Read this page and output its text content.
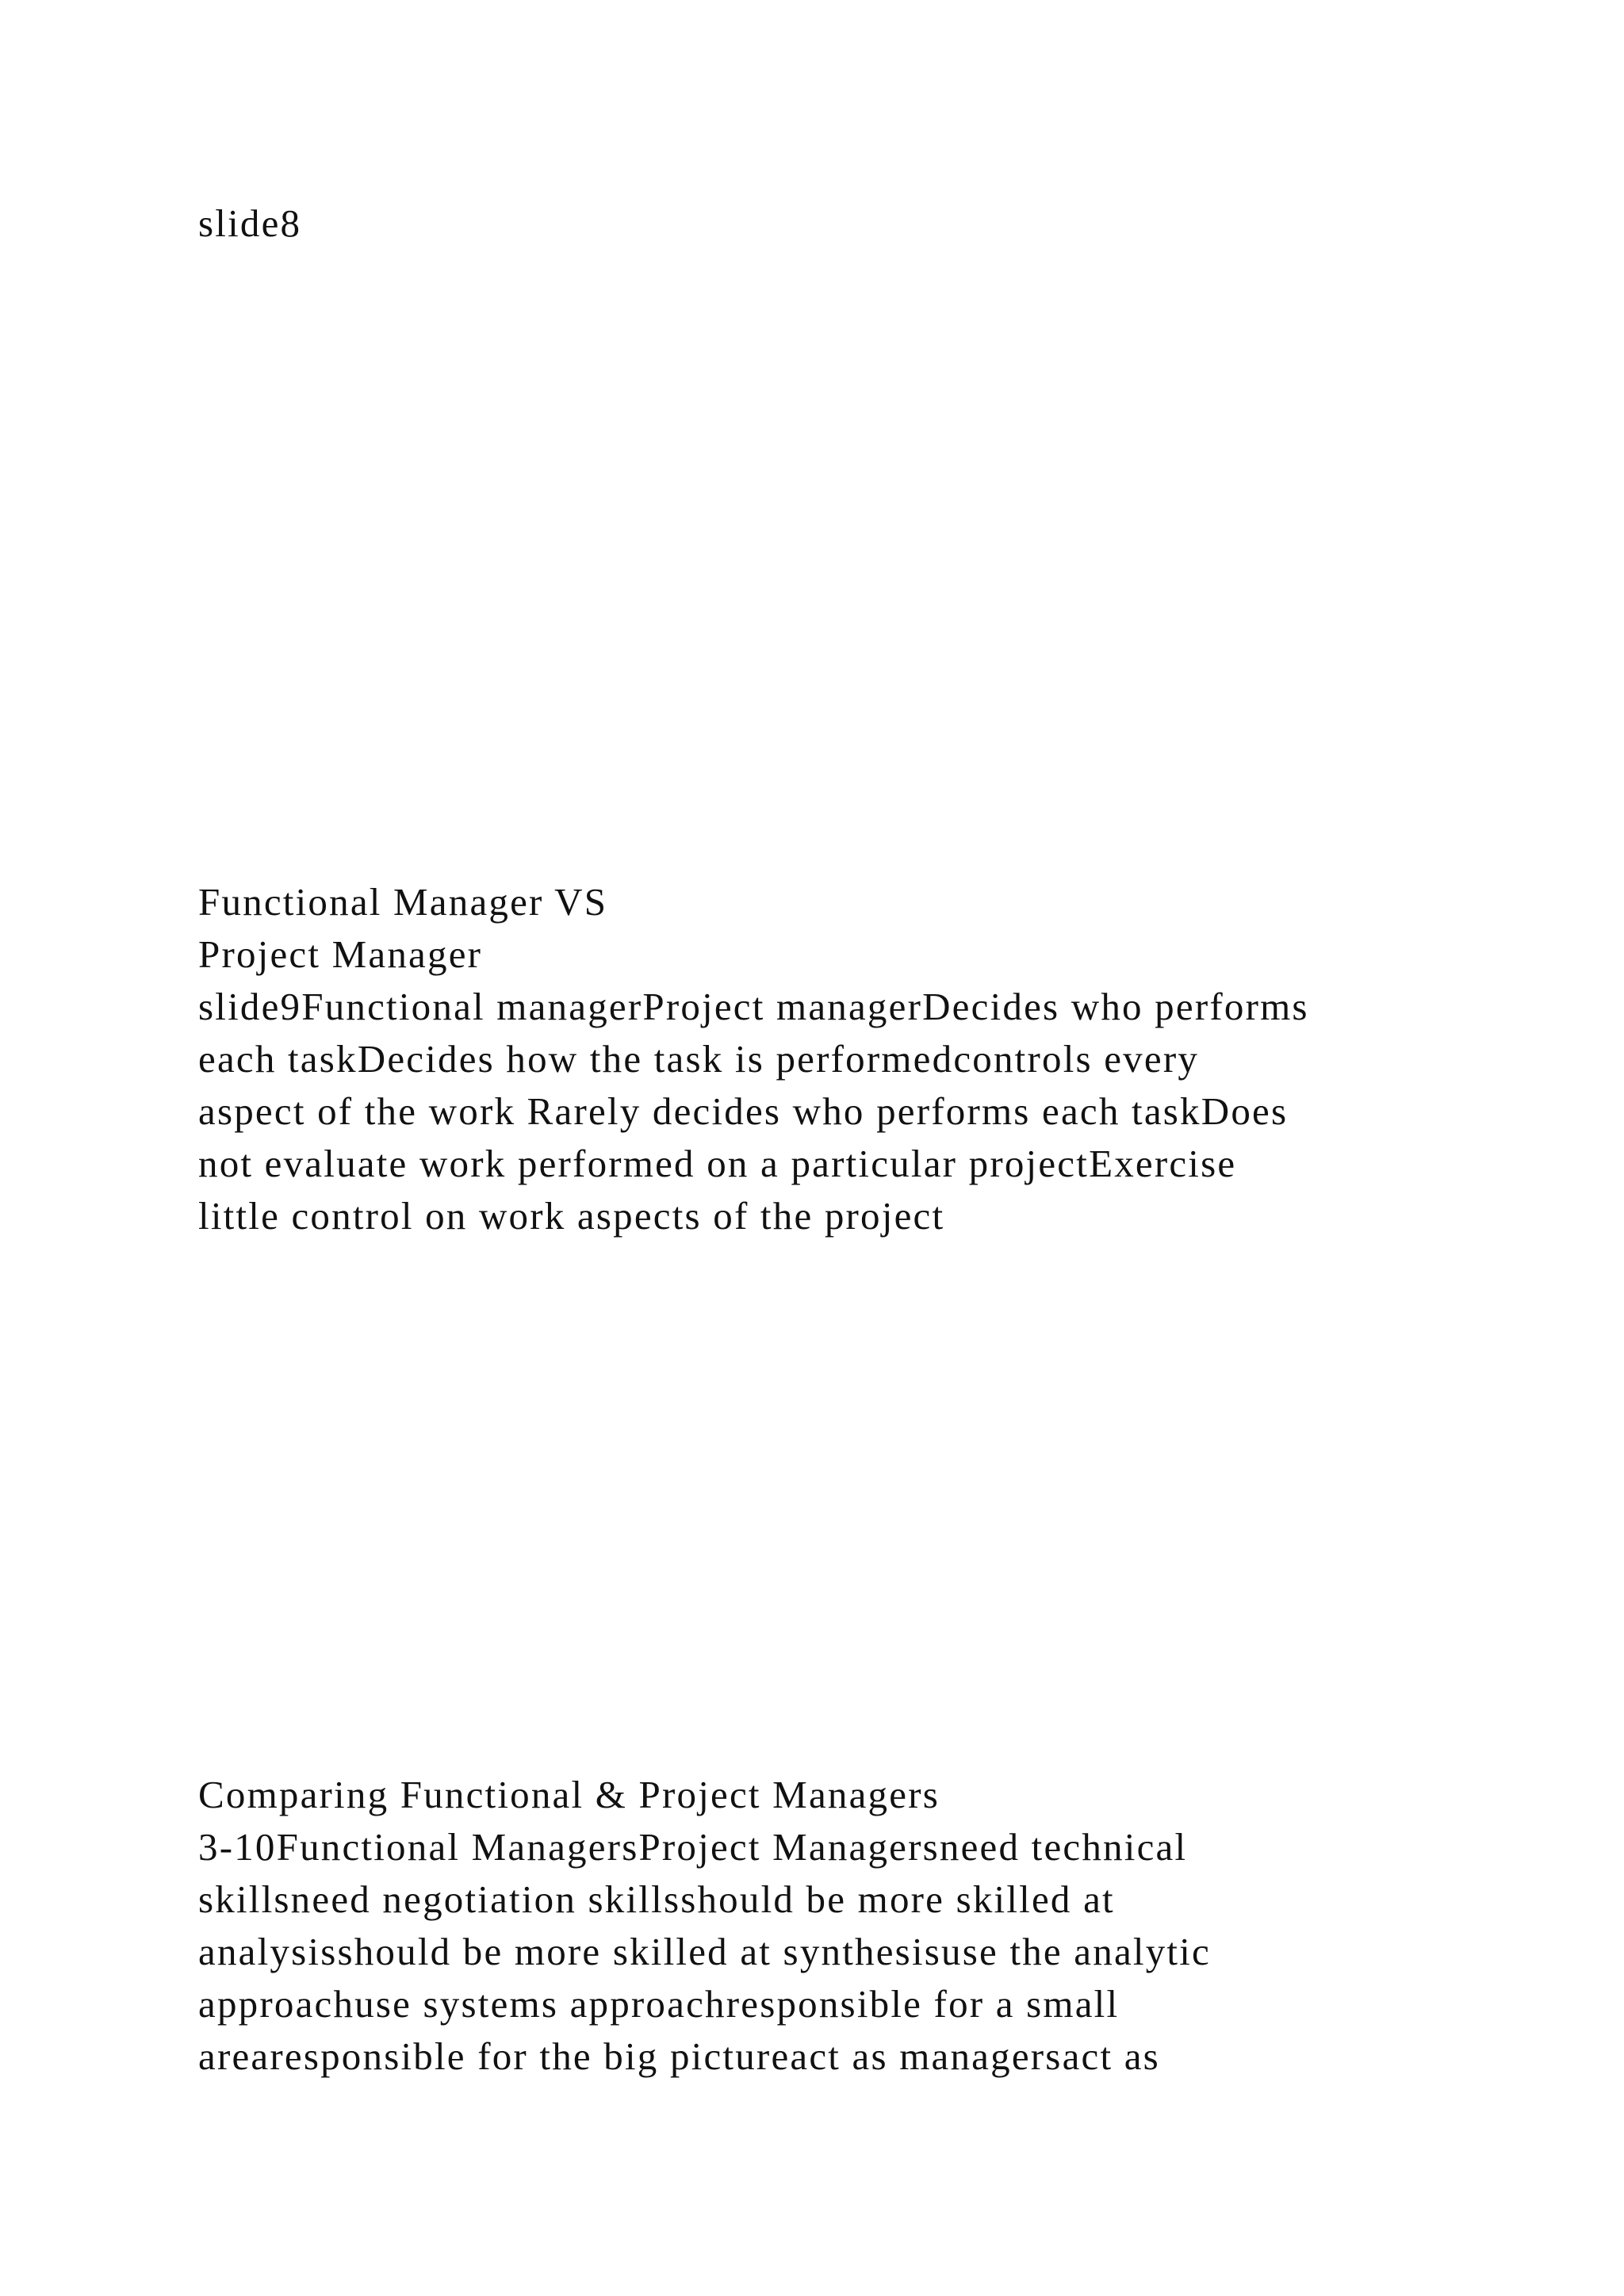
slide8
Functional Manager VS
Project Manager
slide9Functional managerProject managerDecides who performs
each taskDecides how the task is performedcontrols every
aspect of the work Rarely decides who performs each taskDoes
not evaluate work performed on a particular projectExercise
little control on work aspects of the project
Comparing Functional & Project Managers
3-10Functional ManagersProject Managersneed technical
skillsneed negotiation skillsshould be more skilled at
analysisshould be more skilled at synthesisuse the analytic
approachuse systems approachresponsible for a small
arearesponsible for the big pictureact as managersact as
